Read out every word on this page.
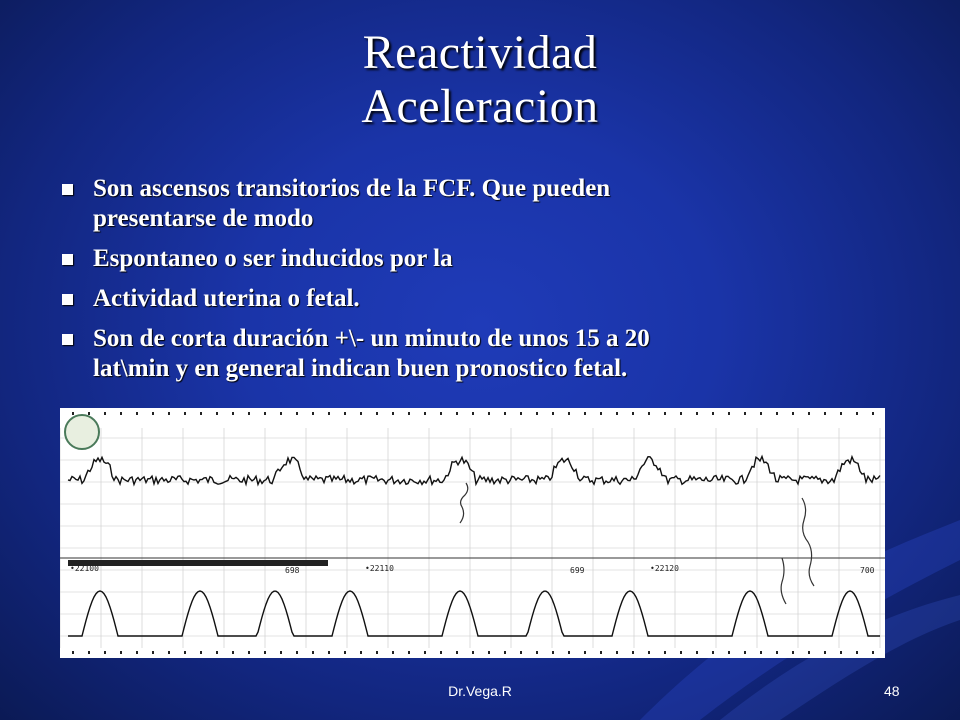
Reactividad
Aceleracion
Son ascensos transitorios de la FCF. Que pueden
presentarse de modo
Espontaneo o ser inducidos por la
Actividad uterina o fetal.
Son de corta duración +\- un minuto de unos 15 a 20
lat\min y en general indican buen pronostico fetal.
•22100	698	•22110	699	•22120	700
Dr.Vega.R	48
